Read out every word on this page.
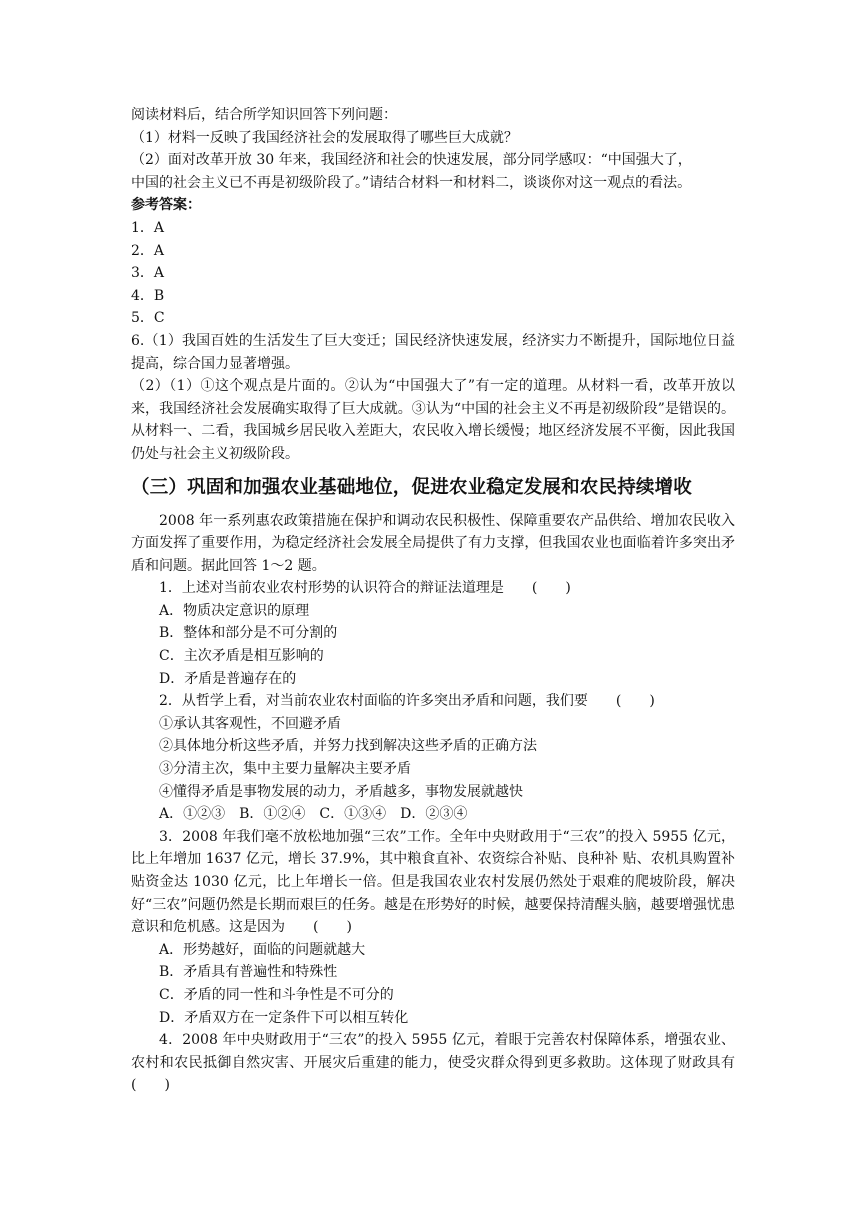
阅读材料后，结合所学知识回答下列问题：

（1）材料一反映了我国经济社会的发展取得了哪些巨大成就？

（2）面对改革开放 30 年来，我国经济和社会的快速发展，部分同学感叹：“中国强大了，

中国的社会主义已不再是初级阶段了。”请结合材料一和材料二，谈谈你对这一观点的看法。

参考答案：

1．A

2．A

3．A

4．B

5．C

6.（1）我国百姓的生活发生了巨大变迁；国民经济快速发展，经济实力不断提升，国际地位日益提高，综合国力显著增强。

（2）（1）①这个观点是片面的。②认为“中国强大了”有一定的道理。从材料一看，改革开放以来，我国经济社会发展确实取得了巨大成就。③认为“中国的社会主义不再是初级阶段”是错误的。从材料一、二看，我国城乡居民收入差距大，农民收入增长缓慢；地区经济发展不平衡，因此我国仍处与社会主义初级阶段。

（三）巩固和加强农业基础地位，促进农业稳定发展和农民持续增收

2008 年一系列惠农政策措施在保护和调动农民积极性、保障重要农产品供给、增加农民收入方面发挥了重要作用，为稳定经济社会发展全局提供了有力支撑，但我国农业也面临着许多突出矛盾和问题。据此回答 1～2 题。

1．上述对当前农业农村形势的认识符合的辩证法道理是　　(　　)

A．物质决定意识的原理

B．整体和部分是不可分割的

C．主次矛盾是相互影响的

D．矛盾是普遍存在的

2．从哲学上看，对当前农业农村面临的许多突出矛盾和问题，我们要　　(　　)

①承认其客观性，不回避矛盾

②具体地分析这些矛盾，并努力找到解决这些矛盾的正确方法

③分清主次，集中主要力量解决主要矛盾

④懂得矛盾是事物发展的动力，矛盾越多，事物发展就越快

A．①②③　B．①②④　C．①③④　D．②③④

3．2008 年我们毫不放松地加强“三农”工作。全年中央财政用于“三农”的投入 5955 亿元，比上年增加 1637 亿元，增长 37.9%，其中粮食直补、农资综合补贴、良种补 贴、农机具购置补贴资金达 1030 亿元，比上年增长一倍。但是我国农业农村发展仍然处于艰难的爬坡阶段，解决好“三农”问题仍然是长期而艰巨的任务。越是在形势好的时候，越要保持清醒头脑，越要增强忧患意识和危机感。这是因为　　(　　)

A．形势越好，面临的问题就越大

B．矛盾具有普遍性和特殊性

C．矛盾的同一性和斗争性是不可分的

D．矛盾双方在一定条件下可以相互转化

4．2008 年中央财政用于“三农”的投入 5955 亿元，着眼于完善农村保障体系，增强农业、农村和农民抵御自然灾害、开展灾后重建的能力，使受灾群众得到更多救助。这体现了财政具有　　(　　)
